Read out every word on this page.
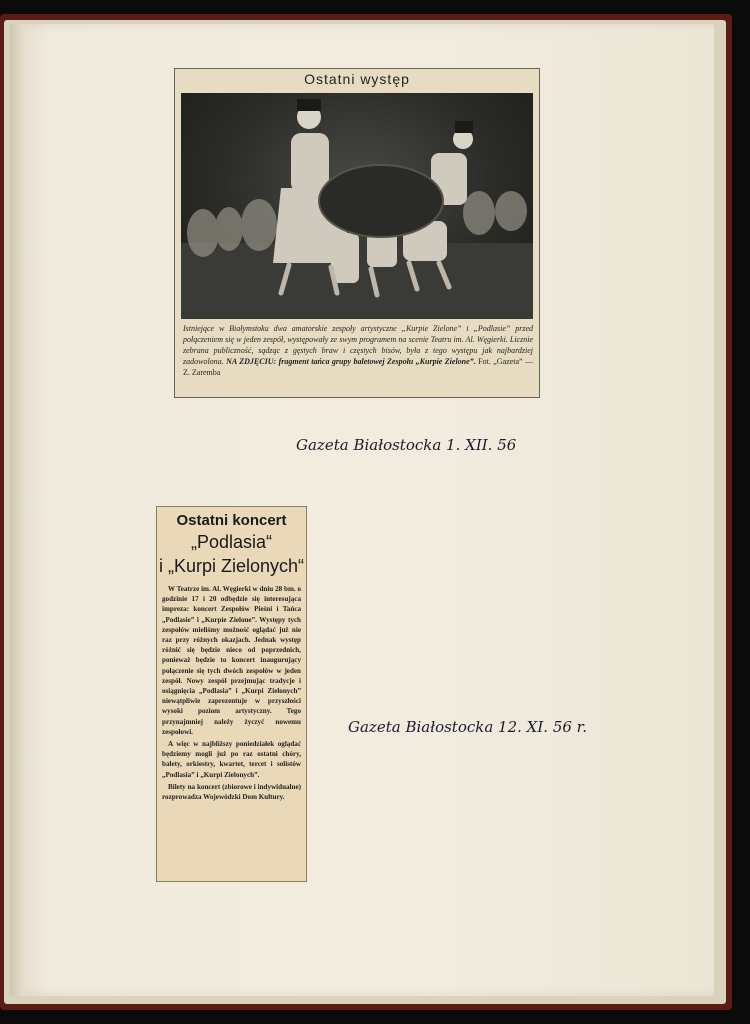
Ostatni występ
Istniejące w Białymstoku dwa amatorskie zespoły artystyczne „Kurpie Zielone” i „Podlasie” przed połączeniem się w jeden zespół, występowały ze swym programem na scenie Teatru im. Al. Węgierki. Licznie zebrana publiczność, sądząc z gęstych braw i częstych bisów, była z tego występu jak najbardziej zadowolona. NA ZDJĘCIU: fragment tańca grupy baletowej Zespołu „Kurpie Zielone”. Fot. „Gazeta” — Z. Zaremba
Gazeta Białostocka 1. XII. 56
Ostatni koncert
„Podlasia“
i „Kurpi Zielonych“

W Teatrze im. Al. Węgierki w dniu 28 bm. o godzinie 17 i 20 odbędzie się interesująca impreza: koncert Zespołów Pieśni i Tańca „Podlasie” i „Kurpie Zielone”. Występy tych zespołów mieliśmy możność oglądać już nie raz przy różnych okazjach. Jednak występ różnić się będzie nieco od poprzednich, ponieważ będzie to koncert inaugurujący połączenie się tych dwóch zespołów w jeden zespół. Nowy zespół przejmując tradycje i osiągnięcia „Podlasia” i „Kurpi Zielonych” niewątpliwie zaprezentuje w przyszłości wysoki poziom artystyczny. Tego przynajmniej należy życzyć nowemu zespołowi.

A więc w najbliższy poniedziałek oglądać będziemy mogli już po raz ostatni chóry, balety, orkiestry, kwartet, tercet i solistów „Podlasia” i „Kurpi Zielonych”.

Bilety na koncert (zbiorowe i indywidualne) rozprowadza Wojewódzki Dom Kultury.

Gazeta Białostocka 12. XI. 56 r.
